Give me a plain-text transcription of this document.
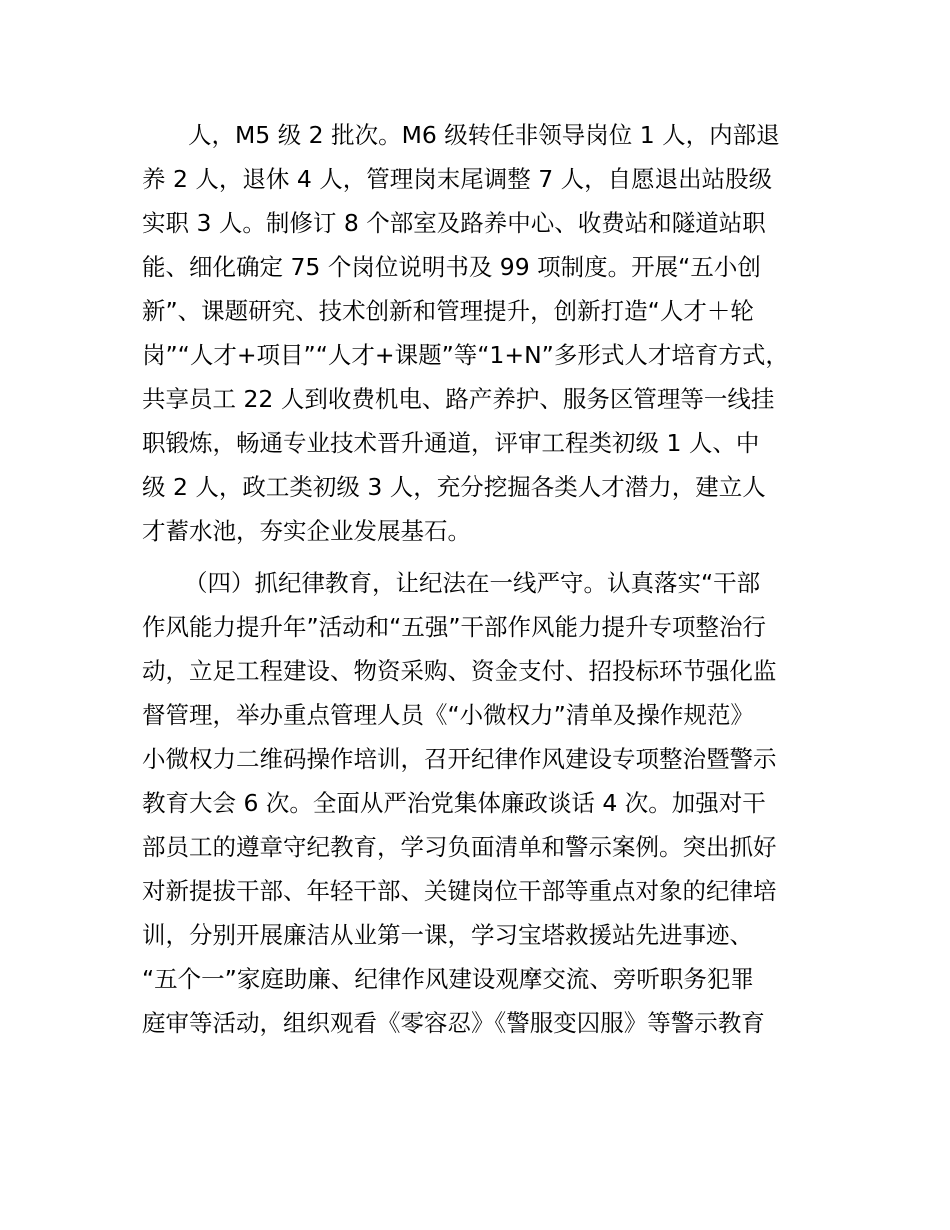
人，M5 级 2 批次。M6 级转任非领导岗位 1 人，内部退
养 2 人，退休 4 人，管理岗末尾调整 7 人，自愿退出站股级
实职 3 人。制修订 8 个部室及路养中心、收费站和隧道站职
能、细化确定 75 个岗位说明书及 99 项制度。开展“五小创
新”、课题研究、技术创新和管理提升，创新打造“人才＋轮
岗”“人才+项目”“人才+课题”等“1+N”多形式人才培育方式，
共享员工 22 人到收费机电、路产养护、服务区管理等一线挂
职锻炼，畅通专业技术晋升通道，评审工程类初级 1 人、中
级 2 人，政工类初级 3 人，充分挖掘各类人才潜力，建立人
才蓄水池，夯实企业发展基石。
（四）抓纪律教育，让纪法在一线严守。认真落实“干部
作风能力提升年”活动和“五强”干部作风能力提升专项整治行
动，立足工程建设、物资采购、资金支付、招投标环节强化监
督管理，举办重点管理人员《“小微权力”清单及操作规范》
小微权力二维码操作培训，召开纪律作风建设专项整治暨警示
教育大会 6 次。全面从严治党集体廉政谈话 4 次。加强对干
部员工的遵章守纪教育，学习负面清单和警示案例。突出抓好
对新提拔干部、年轻干部、关键岗位干部等重点对象的纪律培
训，分别开展廉洁从业第一课，学习宝塔救援站先进事迹、
“五个一”家庭助廉、纪律作风建设观摩交流、旁听职务犯罪
庭审等活动，组织观看《零容忍》《警服变囚服》等警示教育
